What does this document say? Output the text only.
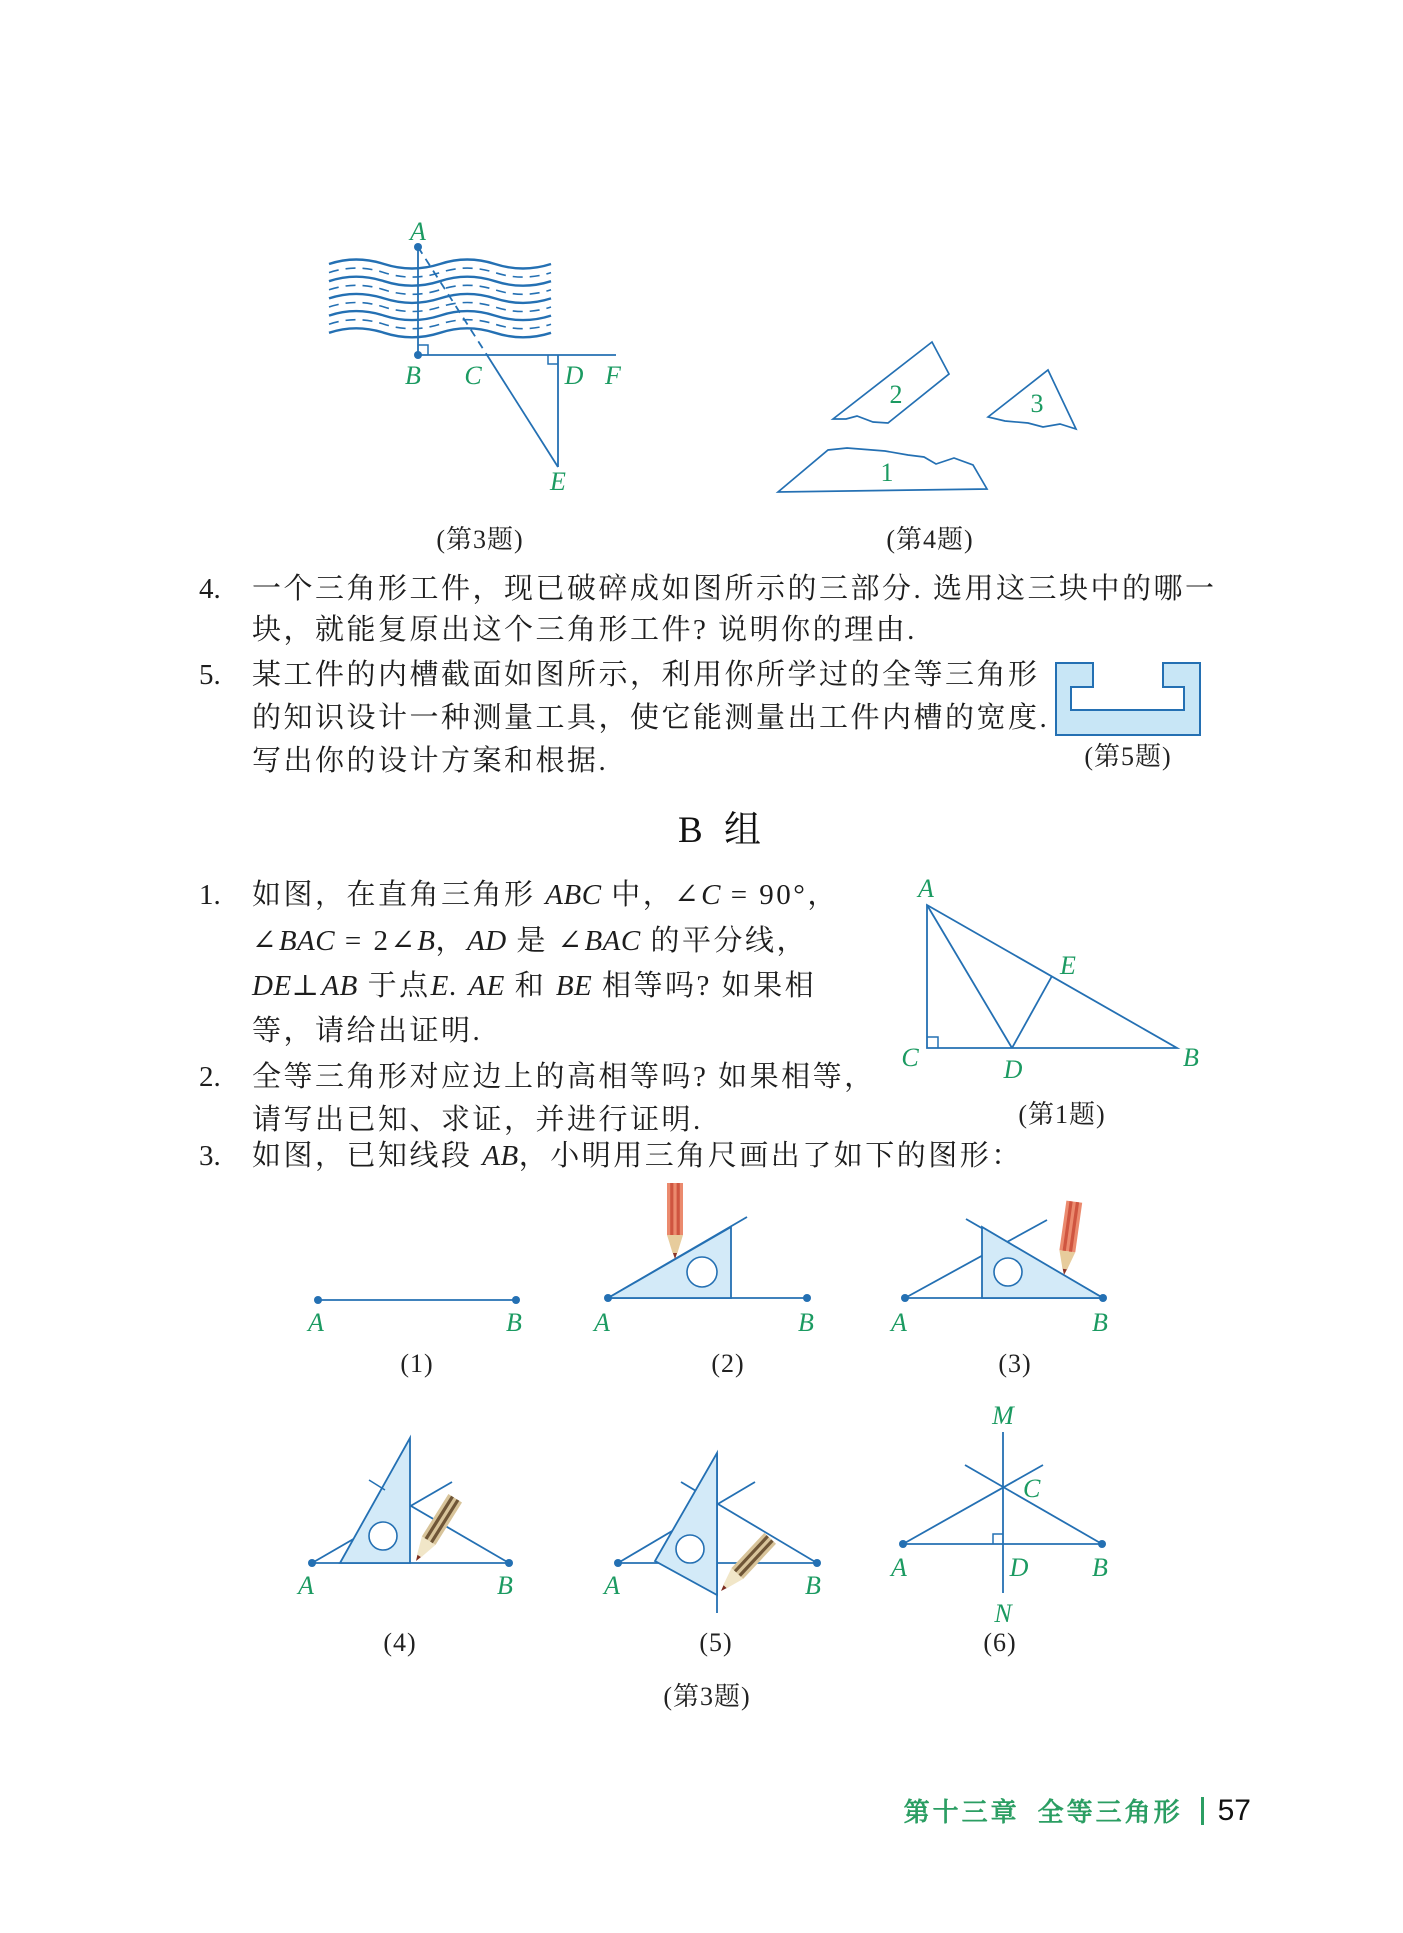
A
B C	D F
E
2	3
1
(第3题)	(第4题)
4. 一个三角形工件，现已破碎成如图所示的三部分. 选用这三块中的哪一
块，就能复原出这个三角形工件? 说明你的理由.
5. 某工件的内槽截面如图所示，利用你所学过的全等三角形
的知识设计一种测量工具，使它能测量出工件内槽的宽度.
写出你的设计方案和根据.	(第5题)
B 组
1. 如图，在直角三角形 ABC 中，∠C = 90°，
∠BAC = 2∠B，AD 是 ∠BAC 的平分线，
DE⊥AB 于点E. AE 和 BE 相等吗? 如果相
等，请给出证明.
2. 全等三角形对应边上的高相等吗? 如果相等，
请写出已知、求证，并进行证明.
3. 如图，已知线段 AB，小明用三角尺画出了如下的图形：
A
C	B
D
E
(第1题)
A	B	A	B	A	B
A	B	A	B
M
C
A	D B
N
(1)	(2)	(3)
(4)	(5)	(6)
(第3题)
第十三章 全等三角形 57
